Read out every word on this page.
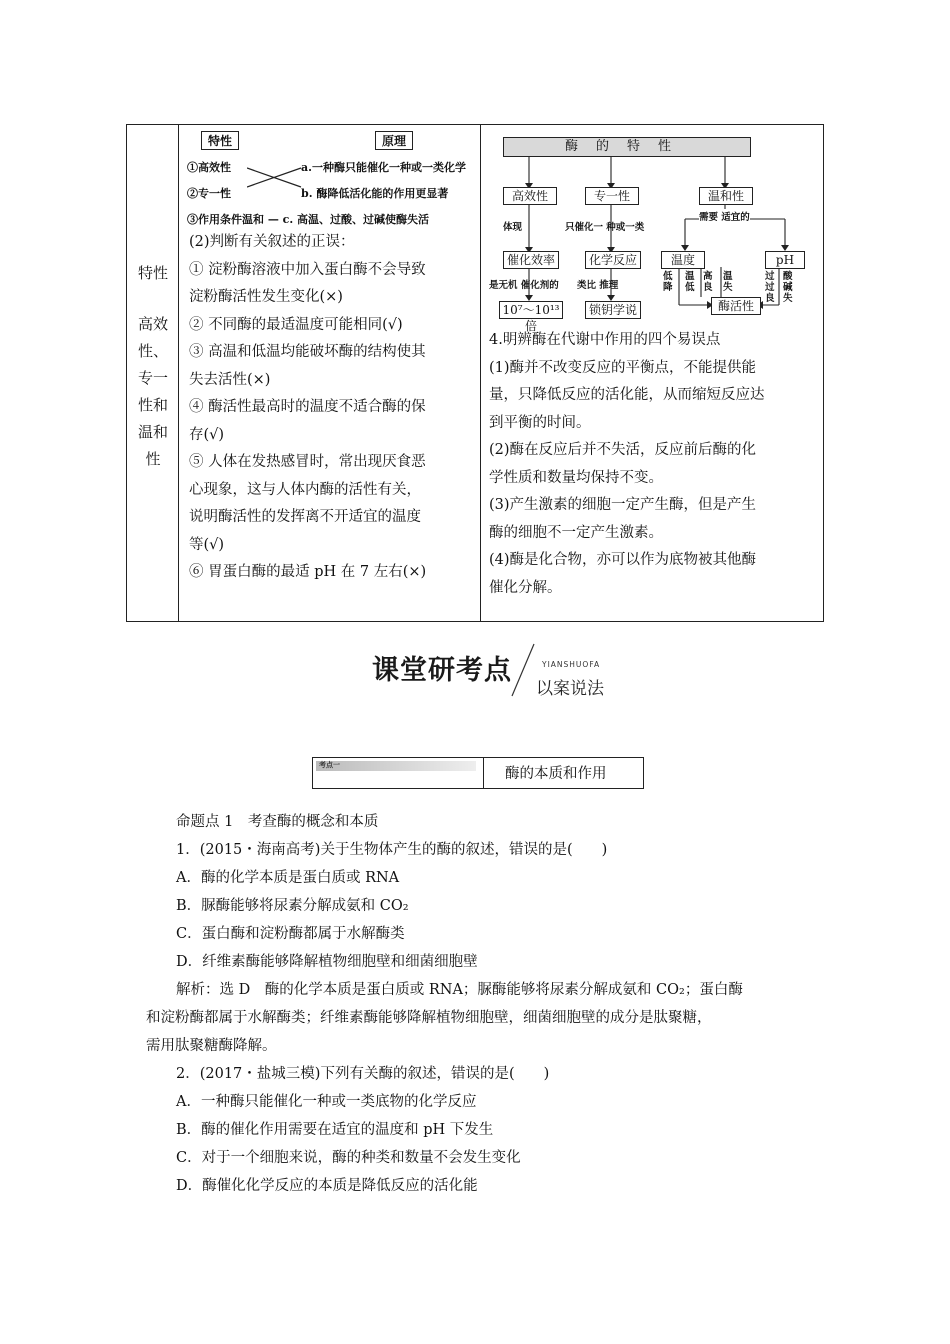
特性
高效性、专一性和温和性
特性	原理
①高效性	a.一种酶只能催化一种或一类化学
②专一性	b. 酶降低活化能的作用更显著
③作用条件温和 — c. 高温、过酸、过碱使酶失活
(2)判断有关叙述的正误：
① 淀粉酶溶液中加入蛋白酶不会导致
淀粉酶活性发生变化(×)
② 不同酶的最适温度可能相同(√)
③ 高温和低温均能破坏酶的结构使其
失去活性(×)
④ 酶活性最高时的温度不适合酶的保
存(√)
⑤ 人体在发热感冒时，常出现厌食恶
心现象，这与人体内酶的活性有关，
说明酶活性的发挥离不开适宜的温度
等(√)
⑥ 胃蛋白酶的最适 pH 在 7 左右(×)
酶的特性
高效性	专一性	温和性
体现	只催化一 种或一类
需要 适宜的
催化效率	化学反应	温度	pH
是无机 催化剂的 类比 推理
低降
温低
高良
温失
过过良
酸碱失
10⁷～10¹³倍
锁钥学说	酶活性
4.明辨酶在代谢中作用的四个易误点
(1)酶并不改变反应的平衡点，不能提供能
量，只降低反应的活化能，从而缩短反应达
到平衡的时间。
(2)酶在反应后并不失活，反应前后酶的化
学性质和数量均保持不变。
(3)产生激素的细胞一定产生酶，但是产生
酶的细胞不一定产生激素。
(4)酶是化合物，亦可以作为底物被其他酶
催化分解。
课堂研考点	YIANSHUOFA
以案说法
考点一
酶的本质和作用
命题点 1　考查酶的概念和本质
1．(2015・海南高考)关于生物体产生的酶的叙述，错误的是(　　)
A．酶的化学本质是蛋白质或 RNA
B．脲酶能够将尿素分解成氨和 CO₂
C．蛋白酶和淀粉酶都属于水解酶类
D．纤维素酶能够降解植物细胞壁和细菌细胞壁
解析：选 D　酶的化学本质是蛋白质或 RNA；脲酶能够将尿素分解成氨和 CO₂；蛋白酶
和淀粉酶都属于水解酶类；纤维素酶能够降解植物细胞壁，细菌细胞壁的成分是肽聚糖，
需用肽聚糖酶降解。
2．(2017・盐城三模)下列有关酶的叙述，错误的是(　　)
A．一种酶只能催化一种或一类底物的化学反应
B．酶的催化作用需要在适宜的温度和 pH 下发生
C．对于一个细胞来说，酶的种类和数量不会发生变化
D．酶催化化学反应的本质是降低反应的活化能
